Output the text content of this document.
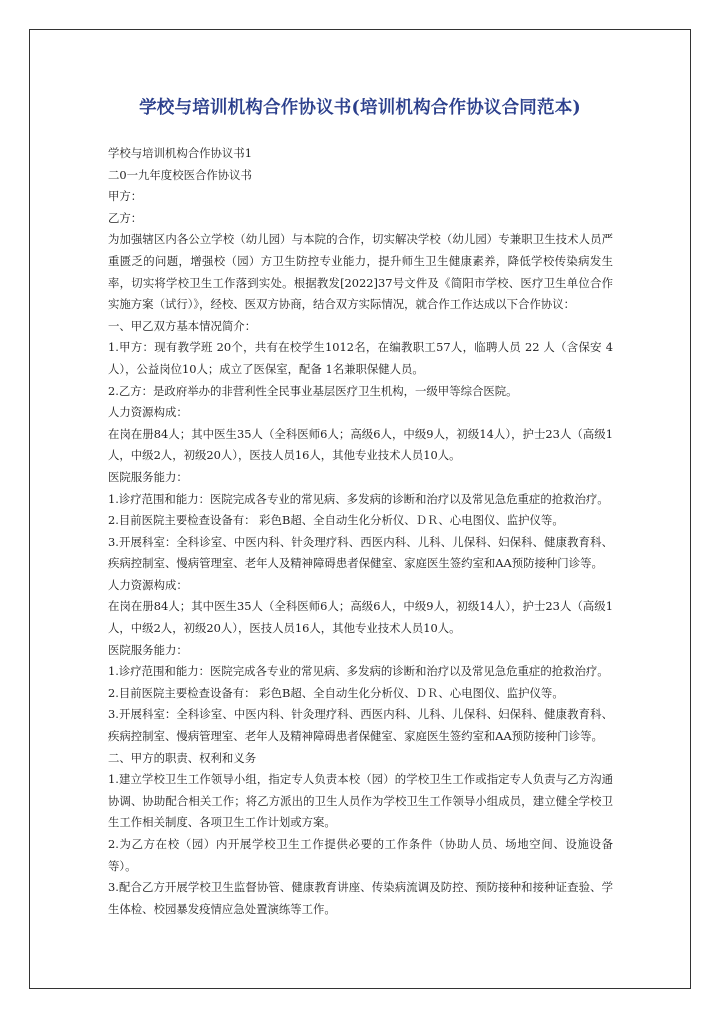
学校与培训机构合作协议书(培训机构合作协议合同范本)

学校与培训机构合作协议书1

二0一九年度校医合作协议书

甲方：

乙方：

为加强辖区内各公立学校（幼儿园）与本院的合作，切实解决学校（幼儿园）专兼职卫生技术人员严重匮乏的问题，增强校（园）方卫生防控专业能力，提升师生卫生健康素养，降低学校传染病发生率，切实将学校卫生工作落到实处。根据教发[2022]37号文件及《简阳市学校、医疗卫生单位合作实施方案（试行）》，经校、医双方协商，结合双方实际情况，就合作工作达成以下合作协议：

一、甲乙双方基本情况简介：

1.甲方：现有教学班 20个，共有在校学生1012名，在编教职工57人，临聘人员 22 人（含保安 4人），公益岗位10人；成立了医保室，配备 1名兼职保健人员。

2.乙方：是政府举办的非营利性全民事业基层医疗卫生机构，一级甲等综合医院。

人力资源构成：

在岗在册84人；其中医生35人（全科医师6人；高级6人，中级9人，初级14人），护士23人（高级1人，中级2人，初级20人），医技人员16人，其他专业技术人员10人。

医院服务能力：

1.诊疗范围和能力：医院完成各专业的常见病、多发病的诊断和治疗以及常见急危重症的抢救治疗。

2.目前医院主要检查设备有： 彩色B超、全自动生化分析仪、ＤＲ、心电图仪、监护仪等。

3.开展科室：全科诊室、中医内科、针灸理疗科、西医内科、儿科、儿保科、妇保科、健康教育科、疾病控制室、慢病管理室、老年人及精神障碍患者保健室、家庭医生签约室和AA预防接种门诊等。

人力资源构成：

在岗在册84人；其中医生35人（全科医师6人；高级6人，中级9人，初级14人），护士23人（高级1人，中级2人，初级20人），医技人员16人，其他专业技术人员10人。

医院服务能力：

1.诊疗范围和能力：医院完成各专业的常见病、多发病的诊断和治疗以及常见急危重症的抢救治疗。

2.目前医院主要检查设备有： 彩色B超、全自动生化分析仪、ＤＲ、心电图仪、监护仪等。

3.开展科室：全科诊室、中医内科、针灸理疗科、西医内科、儿科、儿保科、妇保科、健康教育科、疾病控制室、慢病管理室、老年人及精神障碍患者保健室、家庭医生签约室和AA预防接种门诊等。

二、甲方的职责、权利和义务

1.建立学校卫生工作领导小组，指定专人负责本校（园）的学校卫生工作或指定专人负责与乙方沟通协调、协助配合相关工作；将乙方派出的卫生人员作为学校卫生工作领导小组成员，建立健全学校卫生工作相关制度、各项卫生工作计划或方案。

2.为乙方在校（园）内开展学校卫生工作提供必要的工作条件（协助人员、场地空间、设施设备等）。

3.配合乙方开展学校卫生监督协管、健康教育讲座、传染病流调及防控、预防接种和接种证查验、学生体检、校园暴发疫情应急处置演练等工作。
